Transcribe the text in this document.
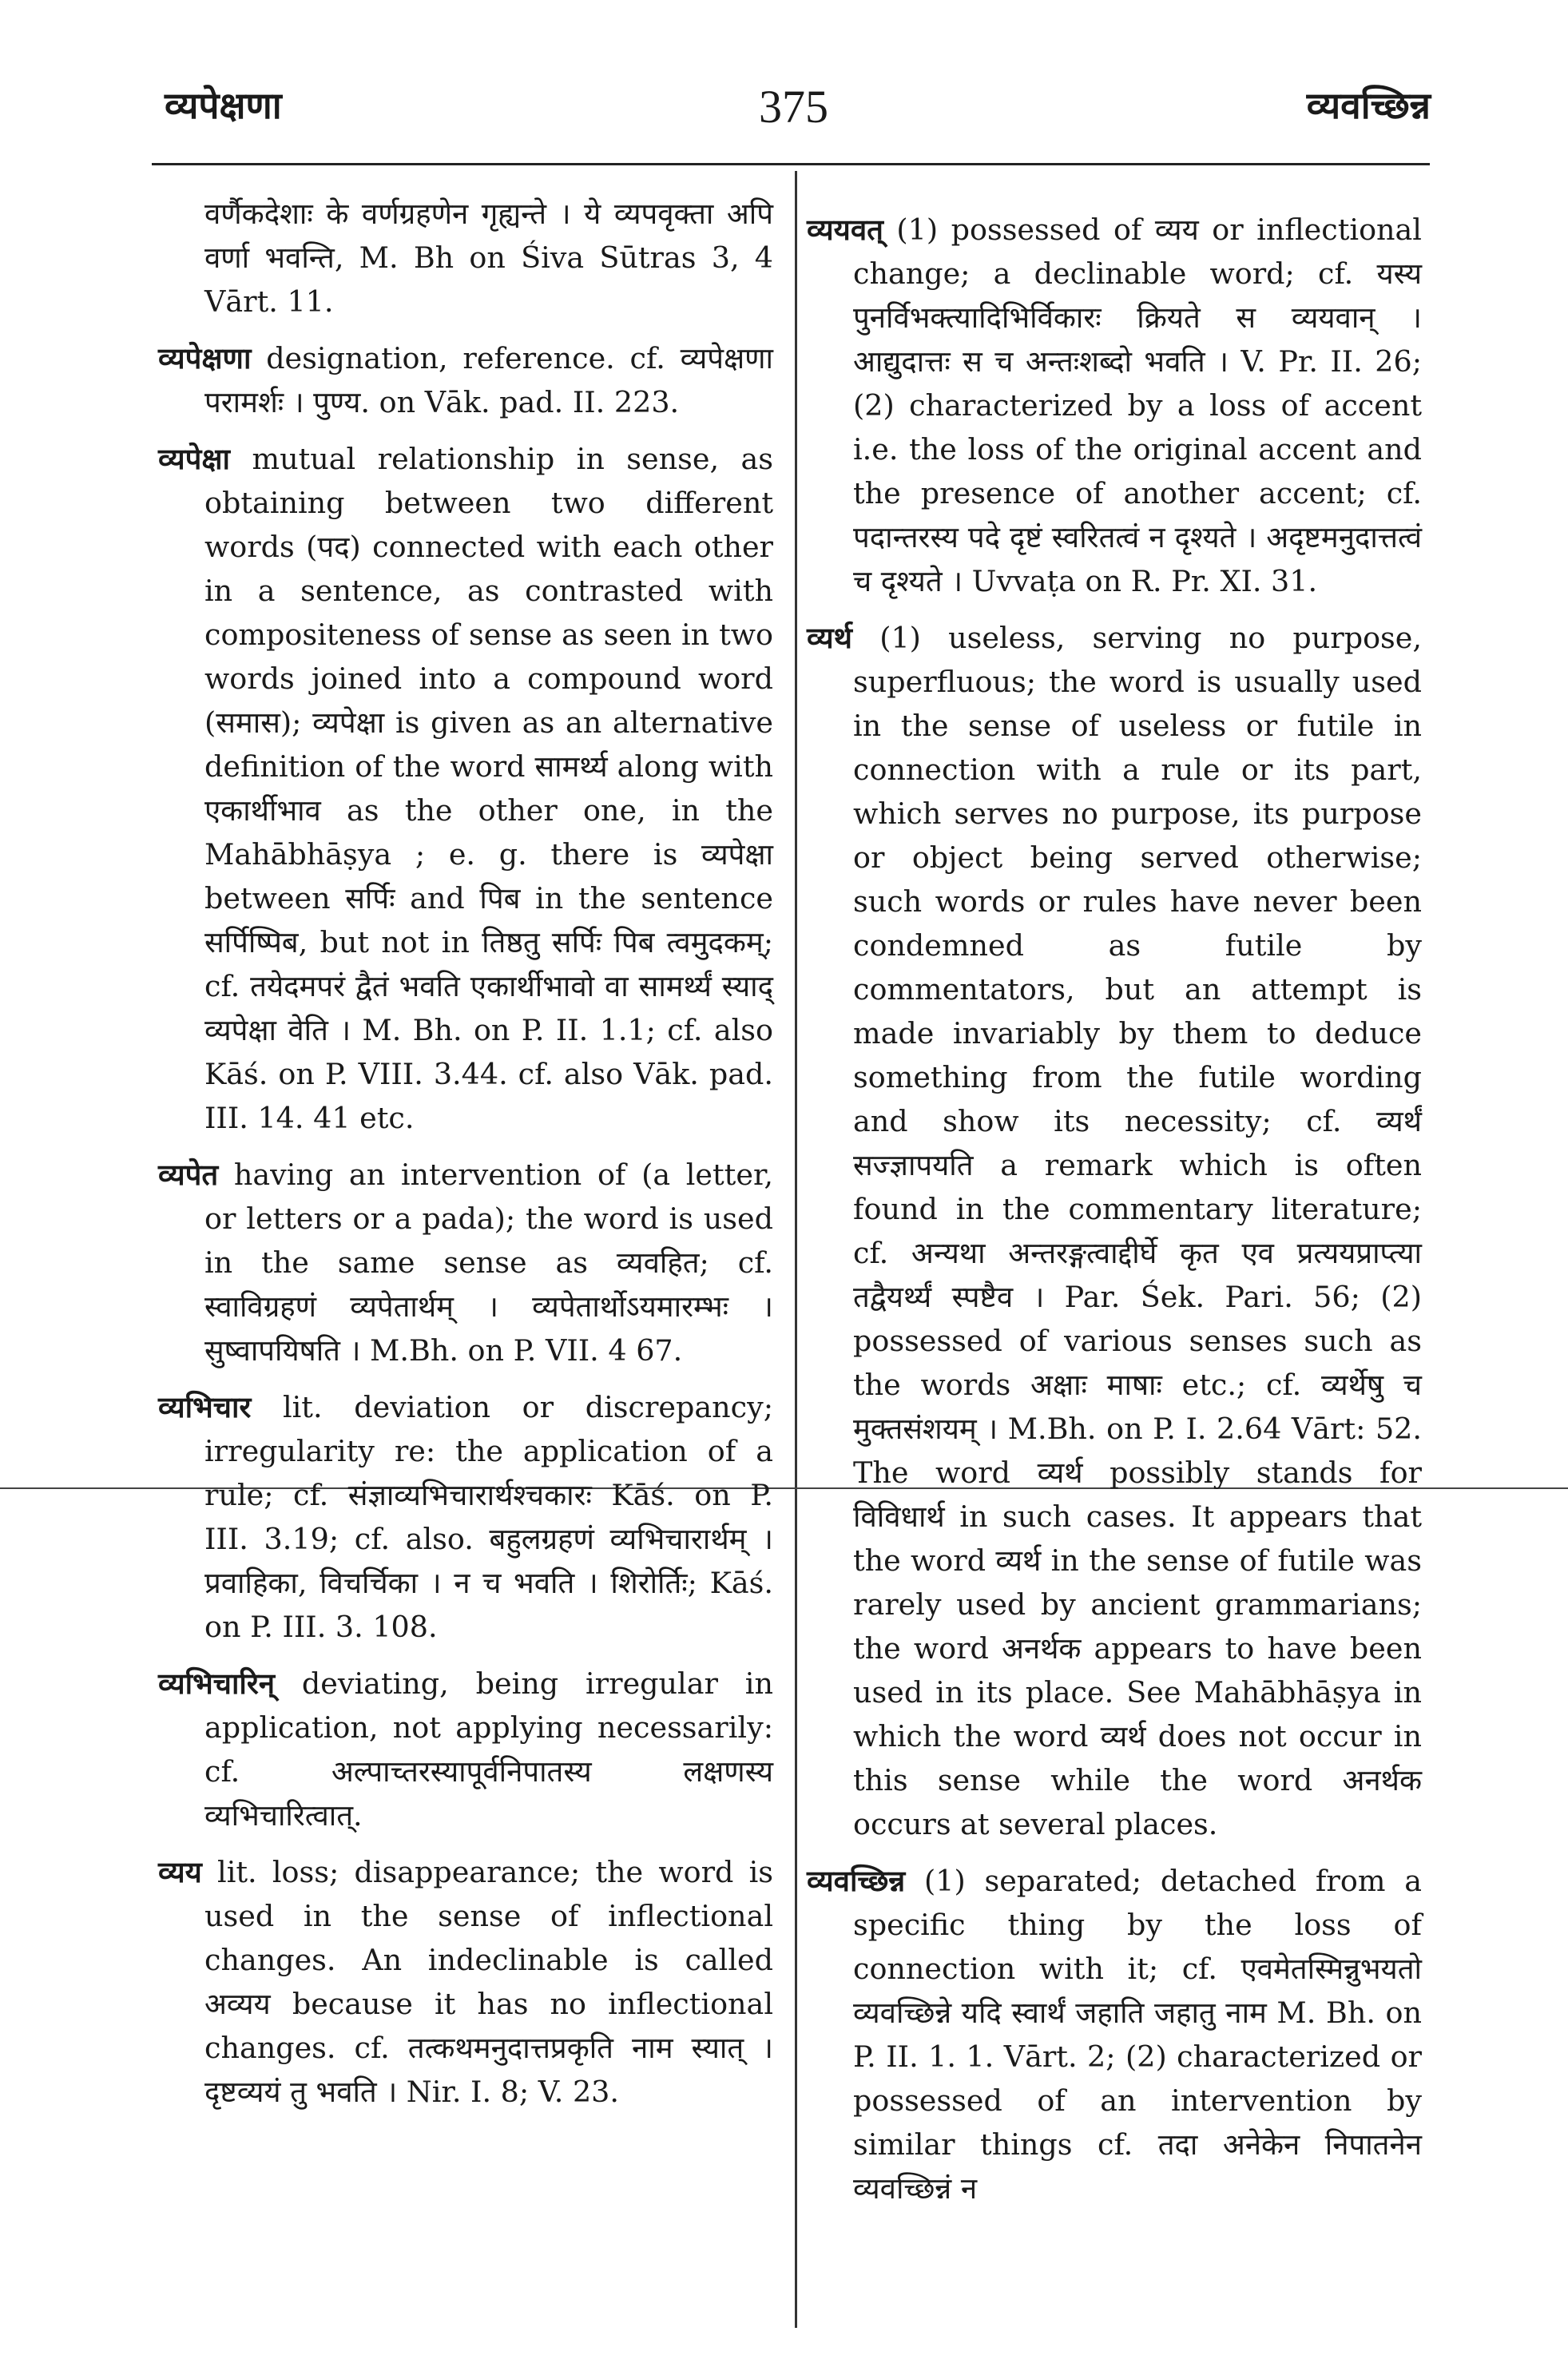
व्यपेक्षणा	375	व्यवच्छिन्न

वर्णैकदेशाः के वर्णग्रहणेन गृह्यन्ते । ये व्यपवृक्ता अपि वर्णा भवन्ति, M. Bh on Śiva Sūtras 3, 4 Vārt. 11.

व्यपेक्षणा designation, reference. cf. व्यपेक्षणा परामर्शः । पुण्य. on Vāk. pad. II. 223.

व्यपेक्षा mutual relationship in sense, as obtaining between two different words (पद) connected with each other in a sentence, as contrasted with compositeness of sense as seen in two words joined into a compound word (समास); व्यपेक्षा is given as an alternative definition of the word सामर्थ्य along with एकार्थीभाव as the other one, in the Mahābhāṣya ; e. g. there is व्यपेक्षा between सर्पिः and पिब in the sentence सर्पिष्पिब, but not in तिष्ठतु सर्पिः पिब त्वमुदकम्; cf. तयेदमपरं द्वैतं भवति एकार्थीभावो वा सामर्थ्यं स्याद् व्यपेक्षा वेति । M. Bh. on P. II. 1.1; cf. also Kāś. on P. VIII. 3.44. cf. also Vāk. pad. III. 14. 41 etc.

व्यपेत having an intervention of (a letter, or letters or a pada); the word is used in the same sense as व्यवहित; cf. स्वाविग्रहणं व्यपेतार्थम् । व्यपेतार्थोऽयमारम्भः । सुष्वापयिषति । M.Bh. on P. VII. 4 67.

व्यभिचार lit. deviation or discrepancy; irregularity re: the application of a rule; cf. संज्ञाव्यभिचारार्थश्चकारः Kāś. on P. III. 3.19; cf. also. बहुलग्रहणं व्यभिचारार्थम् । प्रवाहिका, विचर्चिका । न च भवति । शिरोर्तिः; Kāś. on P. III. 3. 108.

व्यभिचारिन् deviating, being irregular in application, not applying necessarily: cf. अल्पाच्तरस्यापूर्वनिपातस्य लक्षणस्य व्यभिचारित्वात्.

व्यय lit. loss; disappearance; the word is used in the sense of inflectional changes. An indeclinable is called अव्यय because it has no inflectional changes. cf. तत्कथमनुदात्तप्रकृति नाम स्यात् । दृष्टव्ययं तु भवति । Nir. I. 8; V. 23.

व्ययवत् (1) possessed of व्यय or inflectional change; a declinable word; cf. यस्य पुनर्विभक्त्यादिभिर्विकारः क्रियते स व्ययवान् । आद्युदात्तः स च अन्तःशब्दो भवति । V. Pr. II. 26; (2) characterized by a loss of accent i.e. the loss of the original accent and the presence of another accent; cf. पदान्तरस्य पदे दृष्टं स्वरितत्वं न दृश्यते । अदृष्टमनुदात्तत्वं च दृश्यते । Uvvaṭa on R. Pr. XI. 31.

व्यर्थ (1) useless, serving no purpose, superfluous; the word is usually used in the sense of useless or futile in connection with a rule or its part, which serves no purpose, its purpose or object being served otherwise; such words or rules have never been condemned as futile by commentators, but an attempt is made invariably by them to deduce something from the futile wording and show its necessity; cf. व्यर्थं सज्ज्ञापयति a remark which is often found in the commentary literature; cf. अन्यथा अन्तरङ्गत्वाद्दीर्घे कृत एव प्रत्ययप्राप्त्या तद्वैयर्थ्यं स्पष्टैव । Par. Śek. Pari. 56; (2) possessed of various senses such as the words अक्षाः माषाः etc.; cf. व्यर्थेषु च मुक्तसंशयम् । M.Bh. on P. I. 2.64 Vārt: 52. The word व्यर्थ possibly stands for विविधार्थ in such cases. It appears that the word व्यर्थ in the sense of futile was rarely used by ancient grammarians; the word अनर्थक appears to have been used in its place. See Mahābhāṣya in which the word व्यर्थ does not occur in this sense while the word अनर्थक occurs at several places.

व्यवच्छिन्न (1) separated; detached from a specific thing by the loss of connection with it; cf. एवमेतस्मिन्नुभयतो व्यवच्छिन्ने यदि स्वार्थं जहाति जहातु नाम M. Bh. on P. II. 1. 1. Vārt. 2; (2) characterized or possessed of an intervention by similar things cf. तदा अनेकेन निपातनेन व्यवच्छिन्नं न
